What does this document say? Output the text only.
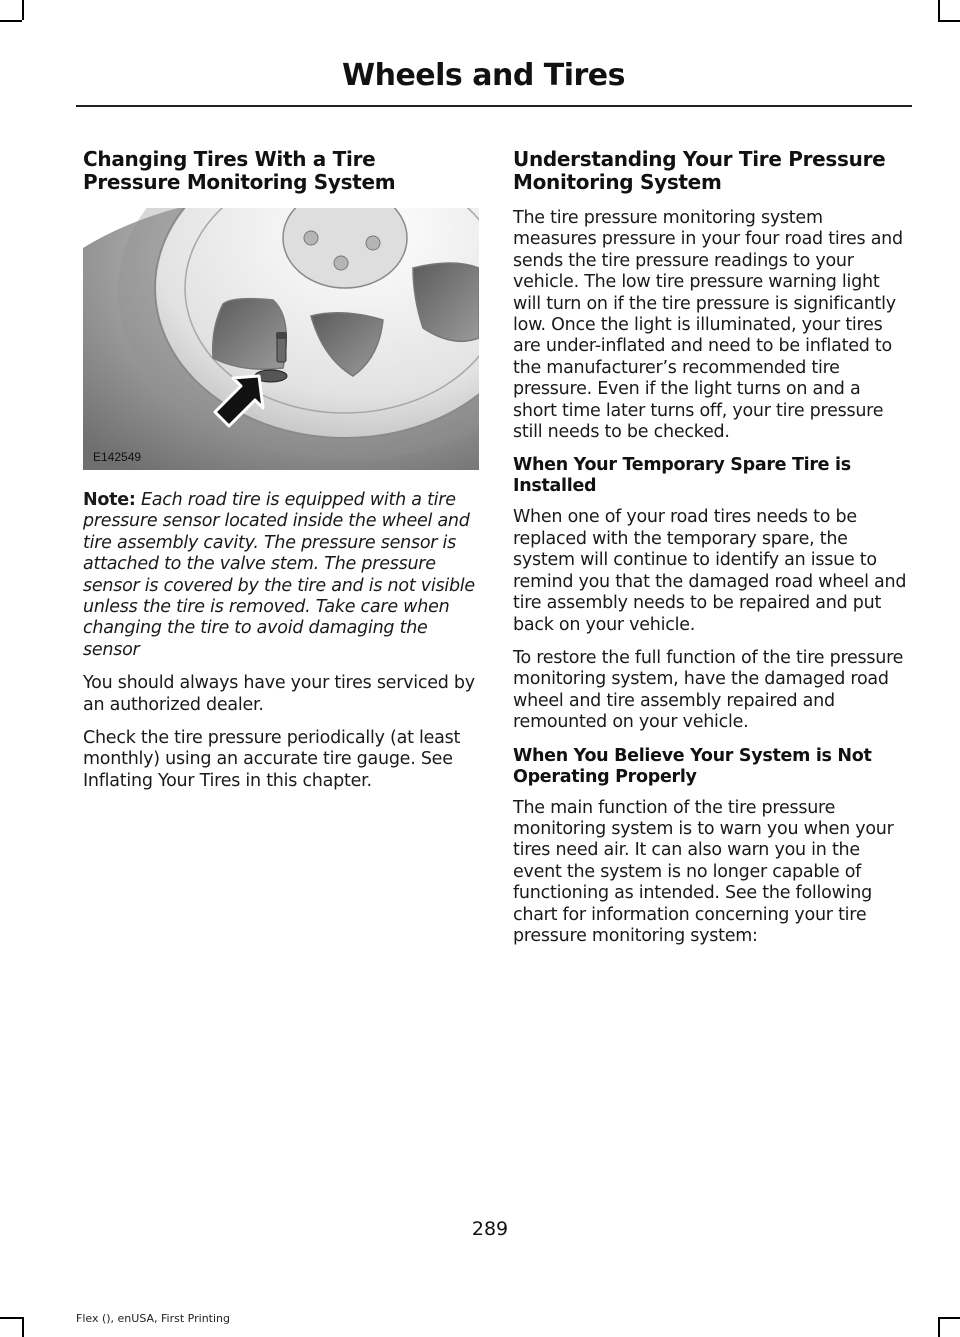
Wheels and Tires
Changing Tires With a Tire Pressure Monitoring System
E142549

Note: Each road tire is equipped with a tire pressure sensor located inside the wheel and tire assembly cavity. The pressure sensor is attached to the valve stem. The pressure sensor is covered by the tire and is not visible unless the tire is removed. Take care when changing the tire to avoid damaging the sensor

You should always have your tires serviced by an authorized dealer.

Check the tire pressure periodically (at least monthly) using an accurate tire gauge. See Inflating Your Tires in this chapter.

Understanding Your Tire Pressure Monitoring System

The tire pressure monitoring system measures pressure in your four road tires and sends the tire pressure readings to your vehicle. The low tire pressure warning light will turn on if the tire pressure is significantly low. Once the light is illuminated, your tires are under-inflated and need to be inflated to the manufacturer’s recommended tire pressure. Even if the light turns on and a short time later turns off, your tire pressure still needs to be checked.

When Your Temporary Spare Tire is Installed

When one of your road tires needs to be replaced with the temporary spare, the system will continue to identify an issue to remind you that the damaged road wheel and tire assembly needs to be repaired and put back on your vehicle.

To restore the full function of the tire pressure monitoring system, have the damaged road wheel and tire assembly repaired and remounted on your vehicle.

When You Believe Your System is Not Operating Properly

The main function of the tire pressure monitoring system is to warn you when your tires need air. It can also warn you in the event the system is no longer capable of functioning as intended. See the following chart for information concerning your tire pressure monitoring system:

289
Flex (), enUSA, First Printing
